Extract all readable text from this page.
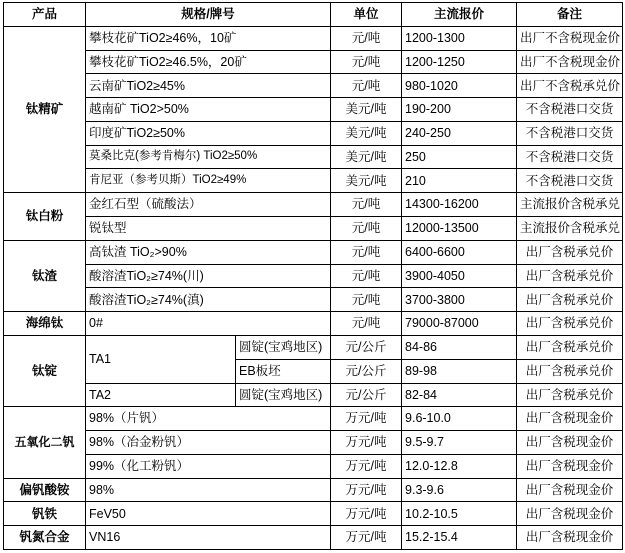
产品	规格/牌号		单位	主流报价	备注
钛精矿	攀枝花矿TiO2≥46%，10矿		元/吨	1200-1300	出厂不含税现金价
	攀枝花矿TiO2≥46.5%，20矿		元/吨	1200-1250	出厂不含税现金价
	云南矿TiO2≥45%		元/吨	980-1020	出厂不含税承兑价
	越南矿 TiO2>50%		美元/吨	190-200	不含税港口交货
	印度矿TiO2≥50%		美元/吨	240-250	不含税港口交货
	莫桑比克(参考肯梅尔) TiO2≥50%		美元/吨	250	不含税港口交货
	肯尼亚（参考贝斯）TiO2≥49%		美元/吨	210	不含税港口交货
钛白粉	金红石型（硫酸法）		元/吨	14300-16200	主流报价含税承兑
	锐钛型		元/吨	12000-13500	主流报价含税承兑
钛渣	高钛渣 TiO₂>90%		元/吨	6400-6600	出厂含税承兑价
	酸溶渣TiO₂≥74%(川)		元/吨	3900-4050	出厂含税承兑价
	酸溶渣TiO₂≥74%(滇)		元/吨	3700-3800	出厂含税承兑价
海绵钛	0#		元/吨	79000-87000	出厂含税承兑价
钛锭	TA1	圆锭(宝鸡地区)	元/公斤	84-86	出厂含税承兑价
		EB板坯	元/公斤	89-98	出厂含税承兑价
	TA2	圆锭(宝鸡地区)	元/公斤	82-84	出厂含税承兑价
五氧化二钒	98%（片钒）		万元/吨	9.6-10.0	出厂含税现金价
	98%（冶金粉钒）		万元/吨	9.5-9.7	出厂含税现金价
	99%（化工粉钒）		万元/吨	12.0-12.8	出厂含税现金价
偏钒酸铵	98%		万元/吨	9.3-9.6	出厂含税现金价
钒铁	FeV50		万元/吨	10.2-10.5	出厂含税现金价
钒氮合金	VN16		万元/吨	15.2-15.4	出厂含税现金价
